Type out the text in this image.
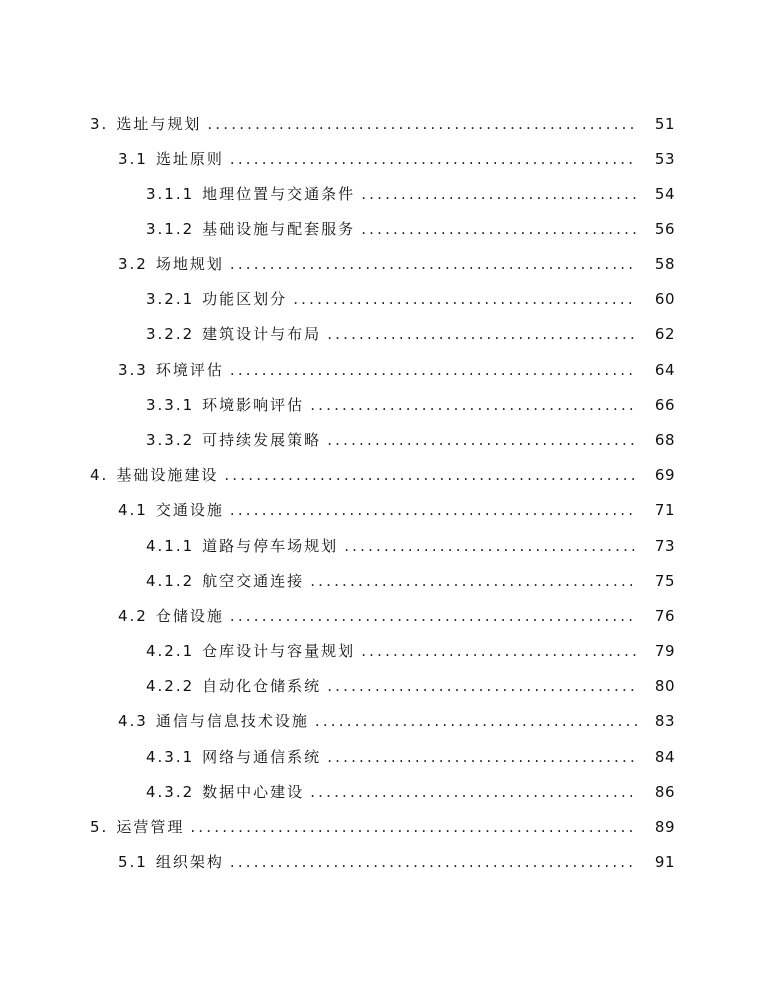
3. 选址与规划 .....	51
3.1 选址原则 .....	53
3.1.1 地理位置与交通条件 .....	54
3.1.2 基础设施与配套服务 .....	56
3.2 场地规划 .....	58
3.2.1 功能区划分 .....	60
3.2.2 建筑设计与布局 .....	62
3.3 环境评估 .....	64
3.3.1 环境影响评估 .....	66
3.3.2 可持续发展策略 .....	68
4. 基础设施建设 .....	69
4.1 交通设施 .....	71
4.1.1 道路与停车场规划 .....	73
4.1.2 航空交通连接 .....	75
4.2 仓储设施 .....	76
4.2.1 仓库设计与容量规划 .....	79
4.2.2 自动化仓储系统 .....	80
4.3 通信与信息技术设施 .....	83
4.3.1 网络与通信系统 .....	84
4.3.2 数据中心建设 .....	86
5. 运营管理 .....	89
5.1 组织架构 .....	91
